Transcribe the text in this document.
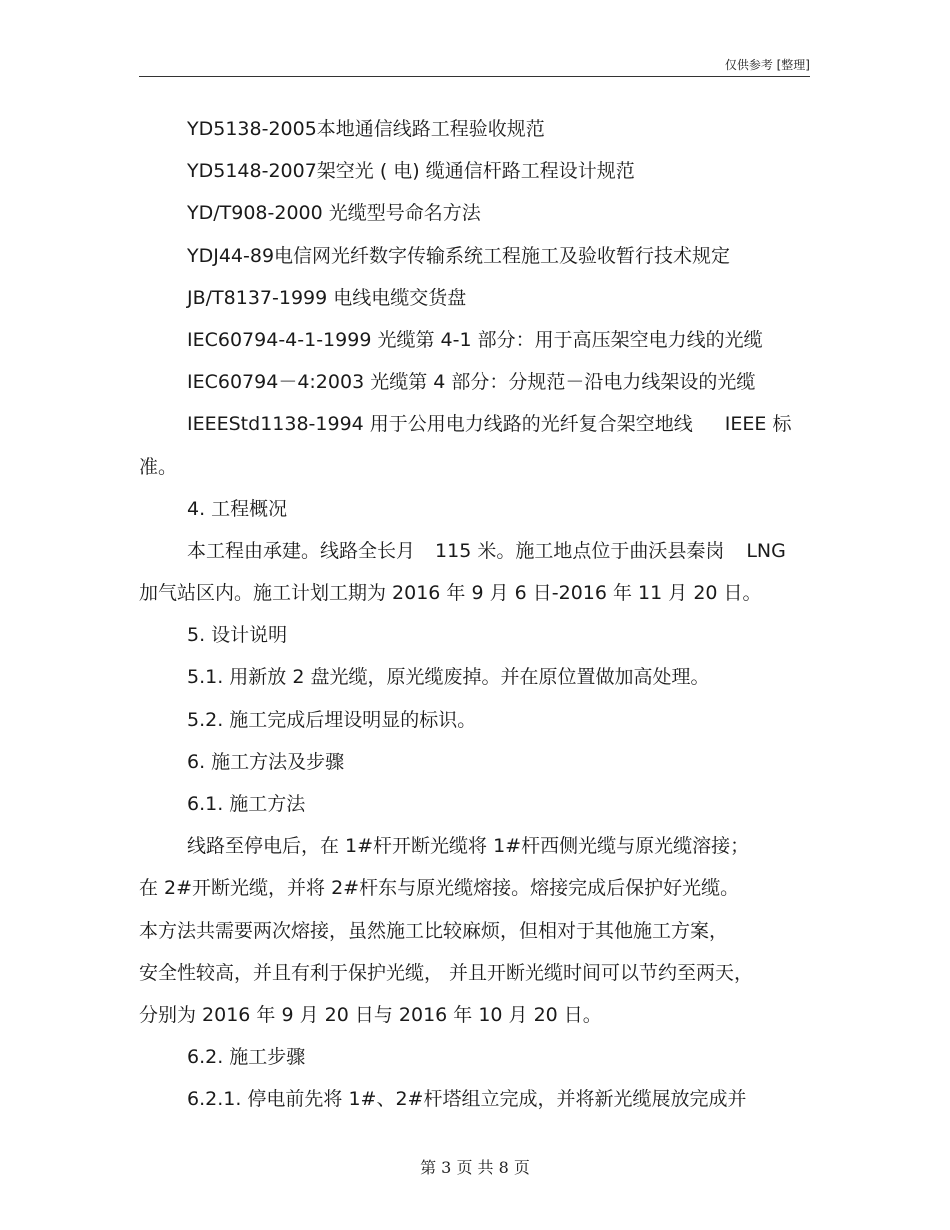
仅供参考 [整理]
YD5138-2005本地通信线路工程验收规范
YD5148-2007架空光 ( 电) 缆通信杆路工程设计规范
YD/T908-2000 光缆型号命名方法
YDJ44-89电信网光纤数字传输系统工程施工及验收暂行技术规定
JB/T8137-1999 电线电缆交货盘
IEC60794-4-1-1999 光缆第 4-1 部分：用于高压架空电力线的光缆
IEC60794－4:2003 光缆第 4 部分：分规范－沿电力线架设的光缆
IEEEStd1138-1994 用于公用电力线路的光纤复合架空地线 IEEE 标
准。
4. 工程概况
本工程由承建。线路全长月 115 米。施工地点位于曲沃县秦岗 LNG
加气站区内。施工计划工期为 2016 年 9 月 6 日-2016 年 11 月 20 日。
5. 设计说明
5.1. 用新放 2 盘光缆，原光缆废掉。并在原位置做加高处理。
5.2. 施工完成后埋设明显的标识。
6. 施工方法及步骤
6.1. 施工方法
线路至停电后，在 1#杆开断光缆将 1#杆西侧光缆与原光缆溶接；
在 2#开断光缆，并将 2#杆东与原光缆熔接。熔接完成后保护好光缆。
本方法共需要两次熔接，虽然施工比较麻烦，但相对于其他施工方案，
安全性较高，并且有利于保护光缆， 并且开断光缆时间可以节约至两天，
分别为 2016 年 9 月 20 日与 2016 年 10 月 20 日。
6.2. 施工步骤
6.2.1. 停电前先将 1#、2#杆塔组立完成，并将新光缆展放完成并
第 3 页 共 8 页
